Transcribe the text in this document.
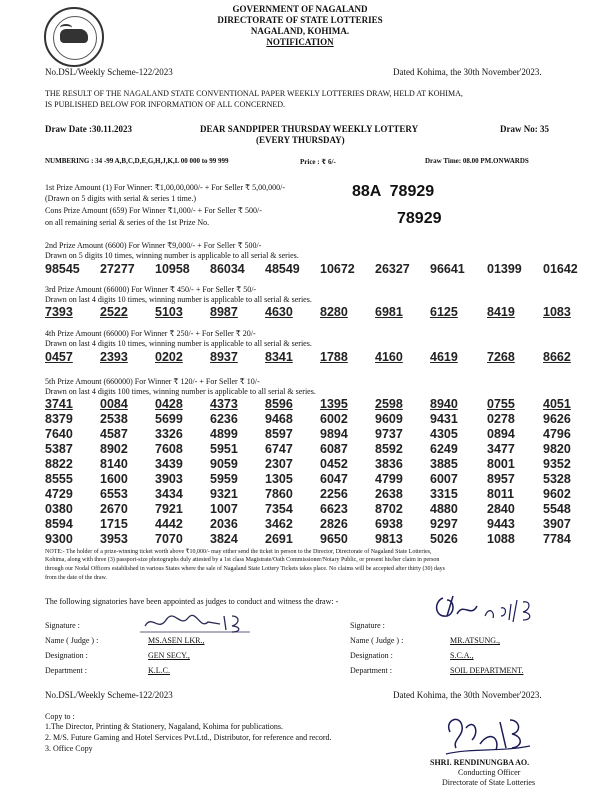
GOVERNMENT OF NAGALAND
DIRECTORATE OF STATE LOTTERIES
NAGALAND, KOHIMA.
NOTIFICATION
No.DSL/Weekly Scheme-122/2023	Dated Kohima, the 30th November'2023.
THE RESULT OF THE NAGALAND STATE CONVENTIONAL PAPER WEEKLY LOTTERIES DRAW, HELD AT KOHIMA,
IS PUBLISHED BELOW FOR INFORMATION OF ALL CONCERNED.
Draw Date :30.11.2023	DEAR SANDPIPER THURSDAY WEEKLY LOTTERY
(EVERY THURSDAY)
Draw No: 35
NUMBERING : 34 -99 A,B,C,D,E,G,H,J,K,L 00 000 to 99 999	Price : ₹ 6/-	Draw Time: 08.00 PM.ONWARDS
1st Prize Amount (1) For Winner: ₹1,00,00,000/- + For Seller ₹ 5,00,000/-
(Drawn on 5 digits with serial & series 1 time.)	88A  78929
Cons Prize Amount (659) For Winner ₹1,000/- + For Seller ₹ 500/-
on all remaining serial & series of the 1st Prize No.	78929
2nd Prize Amount (6600) For Winner ₹9,000/- + For Seller ₹ 500/-
Drawn on 5 digits 10 times, winning number is applicable to all serial & series.
98545 27277 10958 86034 48549 10672 26327 96641 01399 01642
3rd Prize Amount (66000) For Winner ₹ 450/- + For Seller ₹ 50/-
Drawn on last 4 digits 10 times, winning number is applicable to all serial & series.
7393 2522 5103 8987 4630 8280 6981 6125 8419 1083
4th Prize Amount (66000) For Winner ₹ 250/- + For Seller ₹ 20/-
Drawn on last 4 digits 10 times, winning number is applicable to all serial & series.
0457 2393 0202 8937 8341 1788 4160 4619 7268 8662
5th Prize Amount (660000) For Winner ₹ 120/- + For Seller ₹ 10/-
Drawn on last 4 digits 100 times, winning number is applicable to all serial & series.
3741 0084 0428 4373 8596 1395 2598 8940 0755 4051
8379 2538 5699 6236 9468 6002 9609 9431 0278 9626
7640 4587 3326 4899 8597 9894 9737 4305 0894 4796
5387 8902 7608 5951 6747 6087 8592 6249 3477 9820
8822 8140 3439 9059 2307 0452 3836 3885 8001 9352
8555 1600 3903 5959 1305 6047 4799 6007 8957 5328
4729 6553 3434 9321 7860 2256 2638 3315 8011 9602
0380 2670 7921 1007 7354 6623 8702 4880 2840 5548
8594 1715 4442 2036 3462 2826 6938 9297 9443 3907
9300 3953 7070 3824 2691 9650 9813 5026 1088 7784
NOTE:- The holder of a prize-winning ticket worth above ₹10,000/- may either send the ticket in person to the Director, Directorate of Nagaland State Lotteries,
Kohima, along with three (3) passport-size photographs duly attested by a 1st class Magistrate/Oath Commissioner/Notary Public, or present his/her claim in person
through our Nodal Officers established in various States where the sale of Nagaland State Lottery Tickets takes place. No claims will be accepted after thirty (30) days
from the date of the draw.
The following signatories have been appointed as judges to conduct and witness the draw: -
Signature :
Name ( Judge ) :	MS.ASEN LKR.,
Designation :	GEN SECY.,
Department :	K.L.C.
Signature :
Name ( Judge ) :	MR.ATSUNG.,
Designation :	S.C.A.,
Department :	SOIL DEPARTMENT.
No.DSL/Weekly Scheme-122/2023	Dated Kohima, the 30th November'2023.
Copy to :
1.The Director, Printing & Stationery, Nagaland, Kohima for publications.
2. M/S. Future Gaming and Hotel Services Pvt.Ltd., Distributor, for reference and record.
3. Office Copy
SHRI. RENDINUNGBA AO.
Conducting Officer
Directorate of State Lotteries
